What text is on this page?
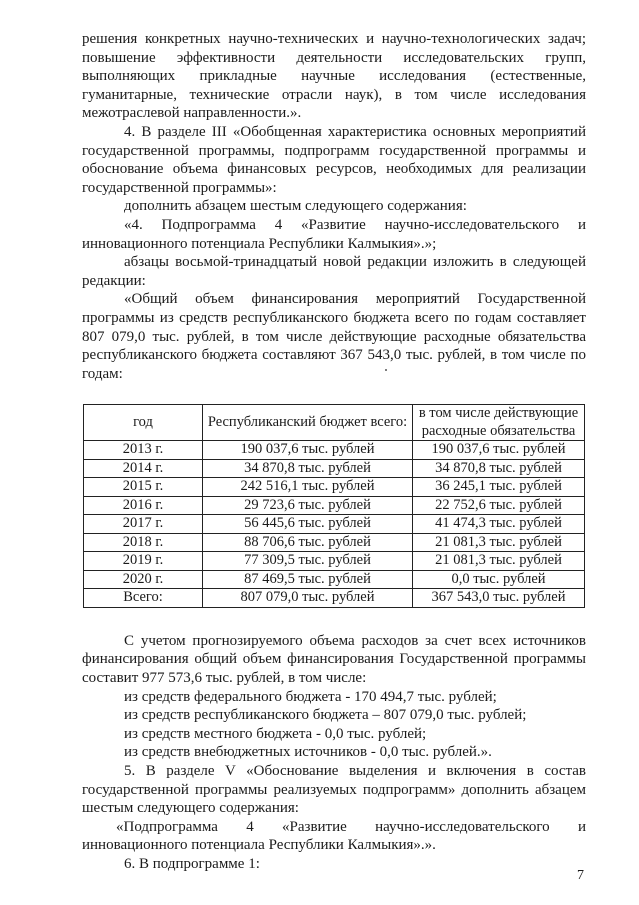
решения конкретных научно-технических и научно-технологических задач; повышение эффективности деятельности исследовательских групп, выполняющих прикладные научные исследования (естественные, гуманитарные, технические отрасли наук), в том числе исследования межотраслевой направленности.».

4. В разделе III «Обобщенная характеристика основных мероприятий государственной программы, подпрограмм государственной программы и обоснование объема финансовых ресурсов, необходимых для реализации государственной программы»:

дополнить абзацем шестым следующего содержания:

«4. Подпрограмма 4 «Развитие научно-исследовательского и инновационного потенциала Республики Калмыкия».»;

абзацы восьмой-тринадцатый новой редакции изложить в следующей редакции:

«Общий объем финансирования мероприятий Государственной программы из средств республиканского бюджета всего по годам составляет 807 079,0 тыс. рублей, в том числе действующие расходные обязательства республиканского бюджета составляют 367 543,0 тыс. рублей, в том числе по годам:

год	Республиканский бюджет всего:	в том числе действующие расходные обязательства
2013 г.	190 037,6 тыс. рублей	190 037,6 тыс. рублей
2014 г.	34 870,8 тыс. рублей	34 870,8 тыс. рублей
2015 г.	242 516,1 тыс. рублей	36 245,1 тыс. рублей
2016 г.	29 723,6 тыс. рублей	22 752,6 тыс. рублей
2017 г.	56 445,6 тыс. рублей	41 474,3 тыс. рублей
2018 г.	88 706,6 тыс. рублей	21 081,3 тыс. рублей
2019 г.	77 309,5 тыс. рублей	21 081,3 тыс. рублей
2020 г.	87 469,5 тыс. рублей	0,0 тыс. рублей
Всего:	807 079,0 тыс. рублей	367 543,0 тыс. рублей

С учетом прогнозируемого объема расходов за счет всех источников финансирования общий объем финансирования Государственной программы составит 977 573,6 тыс. рублей, в том числе:

из средств федерального бюджета - 170 494,7 тыс. рублей;

из средств республиканского бюджета – 807 079,0 тыс. рублей;

из средств местного бюджета - 0,0 тыс. рублей;

из средств внебюджетных источников - 0,0 тыс. рублей.».

5. В разделе V «Обоснование выделения и включения в состав государственной программы реализуемых подпрограмм» дополнить абзацем шестым следующего содержания:

«Подпрограмма 4 «Развитие научно-исследовательского и инновационного потенциала Республики Калмыкия».».

6. В подпрограмме 1:

7
